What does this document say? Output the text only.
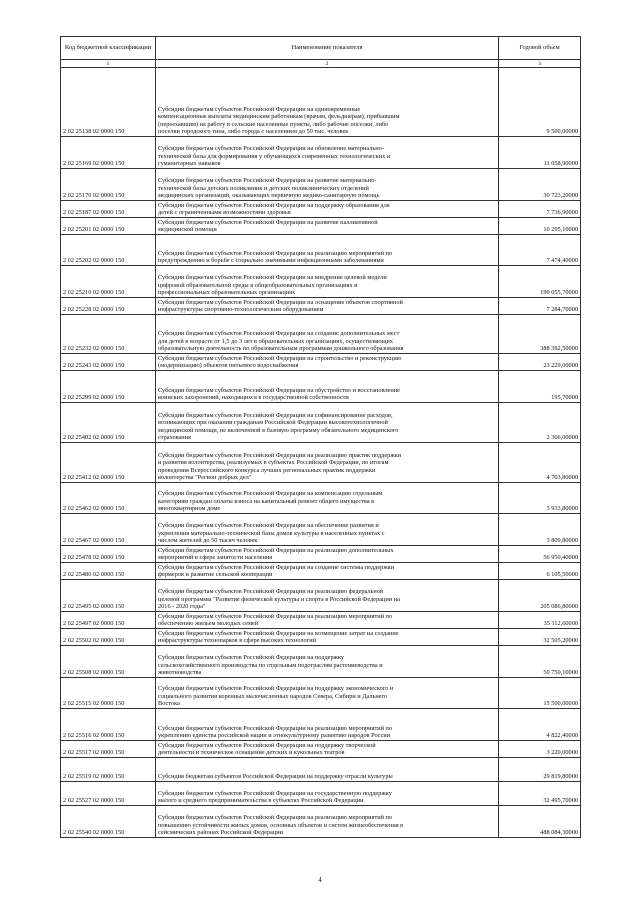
Код бюджетной классификации	Наименование показателя	Годовой объем
1	2	3
2 02 25138 02 0000 150	Субсидии бюджетам субъектов Российской Федерации на единовременные
компенсационные выплаты медицинским работникам (врачам, фельдшерам), прибывшим
(переехавшим) на работу в сельские населенные пункты, либо рабочие поселки, либо
поселки городского типа, либо города с населением до 50 тыс. человек	9 500,00000
2 02 25169 02 0000 150	Субсидии бюджетам субъектов Российской Федерации на обновление материально-
технической базы для формирования у обучающихся современных технологических и
гуманитарных навыков	11 058,90000
2 02 25170 02 0000 150	Субсидии бюджетам субъектов Российской Федерации на развитие материально-
технической базы детских поликлиник и детских поликлинических отделений
медицинских организаций, оказывающих первичную медико-санитарную помощь	30 723,20000
2 02 25187 02 0000 150	Субсидии бюджетам субъектов Российской Федерации на поддержку образования для
детей с ограниченными возможностями здоровья	7 736,90000
2 02 25201 02 0000 150	Субсидии бюджетам субъектов Российской Федерации на развитие паллиативной
медицинской помощи	10 295,10000
2 02 25202 02 0000 150	Субсидии бюджетам субъектов Российской Федерации на реализацию мероприятий по
предупреждению и борьбе с социально значимыми инфекционными заболеваниями	7 474,40000
2 02 25210 02 0000 150	Субсидии бюджетам субъектов Российской Федерации на внедрение целевой модели
цифровой образовательной среды в общеобразовательных организациях и
профессиональных образовательных организациях	199 055,70000
2 02 25228 02 0000 150	Субсидии бюджетам субъектов Российской Федерации на оснащение объектов спортивной
инфраструктуры спортивно-технологическим оборудованием	7 284,70000
2 02 25232 02 0000 150	Субсидии бюджетам субъектов Российской Федерации на создание дополнительных мест
для детей в возрасте от 1,5 до 3 лет в образовательных организациях, осуществляющих
образовательную деятельность по образовательным программам дошкольного образования	388 392,50000
2 02 25243 02 0000 150	Субсидии бюджетам субъектов Российской Федерации на строительство и реконструкцию
(модернизацию) объектов питьевого водоснабжения	23 229,00000
2 02 25299 02 0000 150	Субсидии бюджетам субъектов Российской Федерации на обустройство и восстановление
воинских захоронений, находящихся в государственной собственности	195,70000
2 02 25402 02 0000 150	Субсидии бюджетам субъектов Российской Федерации на софинансирование расходов,
возникающих при оказании гражданам Российской Федерации высокотехнологичной
медицинской помощи, не включенной в базовую программу обязательного медицинского
страхования	2 366,00000
2 02 25412 02 0000 150	Субсидии бюджетам субъектов Российской Федерации на реализацию практик поддержки
и развития волонтерства, реализуемых в субъектах Российской Федерации, по итогам
проведения Всероссийского конкурса лучших региональных практик поддержки
волонтерства "Регион добрых дел"	4 703,80000
2 02 25462 02 0000 150	Субсидии бюджетам субъектов Российской Федерации на компенсацию отдельным
категориям граждан оплаты взноса на капитальный ремонт общего имущества в
многоквартирном доме	3 933,80000
2 02 25467 02 0000 150	Субсидии бюджетам субъектов Российской Федерации на обеспечение развития и
укрепления материально-технической базы домов культуры в населенных пунктах с
числом жителей до 50 тысяч человек	3 809,80000
2 02 25478 02 0000 150	Субсидии бюджетам субъектов Российской Федерации на реализацию дополнительных
мероприятий в сфере занятости населения	56 950,40000
2 02 25480 02 0000 150	Субсидии бюджетам субъектов Российской Федерации на создание системы поддержки
фермеров и развитие сельской кооперации	6 105,50000
2 02 25495 02 0000 150	Субсидии бюджетам субъектов Российской Федерации на реализацию федеральной
целевой программы "Развитие физической культуры и спорта в Российской Федерации на
2016 - 2020 годы"	205 086,80000
2 02 25497 02 0000 150	Субсидии бюджетам субъектов Российской Федерации на реализацию мероприятий по
обеспечению жильем молодых семей	35 112,60000
2 02 25502 02 0000 150	Субсидии бюджетам субъектов Российской Федерации на возмещение затрат на создание
инфраструктуры технопарков в сфере высоких технологий	32 505,20000
2 02 25508 02 0000 150	Субсидии бюджетам субъектов Российской Федерации на поддержку
сельскохозяйственного производства по отдельным подотраслям растениеводства и
животноводства	50 750,10000
2 02 25515 02 0000 150	Субсидии бюджетам субъектов Российской Федерации на поддержку экономического и
социального развития коренных малочисленных народов Севера, Сибири и Дальнего
Востока	15 500,00000
2 02 25516 02 0000 150	Субсидии бюджетам субъектов Российской Федерации на реализацию мероприятий по
укреплению единства российской нации и этнокультурному развитию народов России	4 822,40000
2 02 25517 02 0000 150	Субсидии бюджетам субъектов Российской Федерации на поддержку творческой
деятельности и техническое оснащение детских и кукольных театров	3 220,00000
2 02 25519 02 0000 150	Субсидия бюджетам субъектов Российской Федерации на поддержку отрасли культуры	29 819,80000
2 02 25527 02 0000 150	Субсидии бюджетам субъектов Российской Федерации на государственную поддержку
малого и среднего предпринимательства в субъектах Российской Федерации	32 495,70000
2 02 25540 02 0000 150	Субсидии бюджетам субъектов Российской Федерации на реализацию мероприятий по
повышению устойчивости жилых домов, основных объектов и систем жизнеобеспечения в
сейсмических районах Российской Федерации	488 084,30000
4
